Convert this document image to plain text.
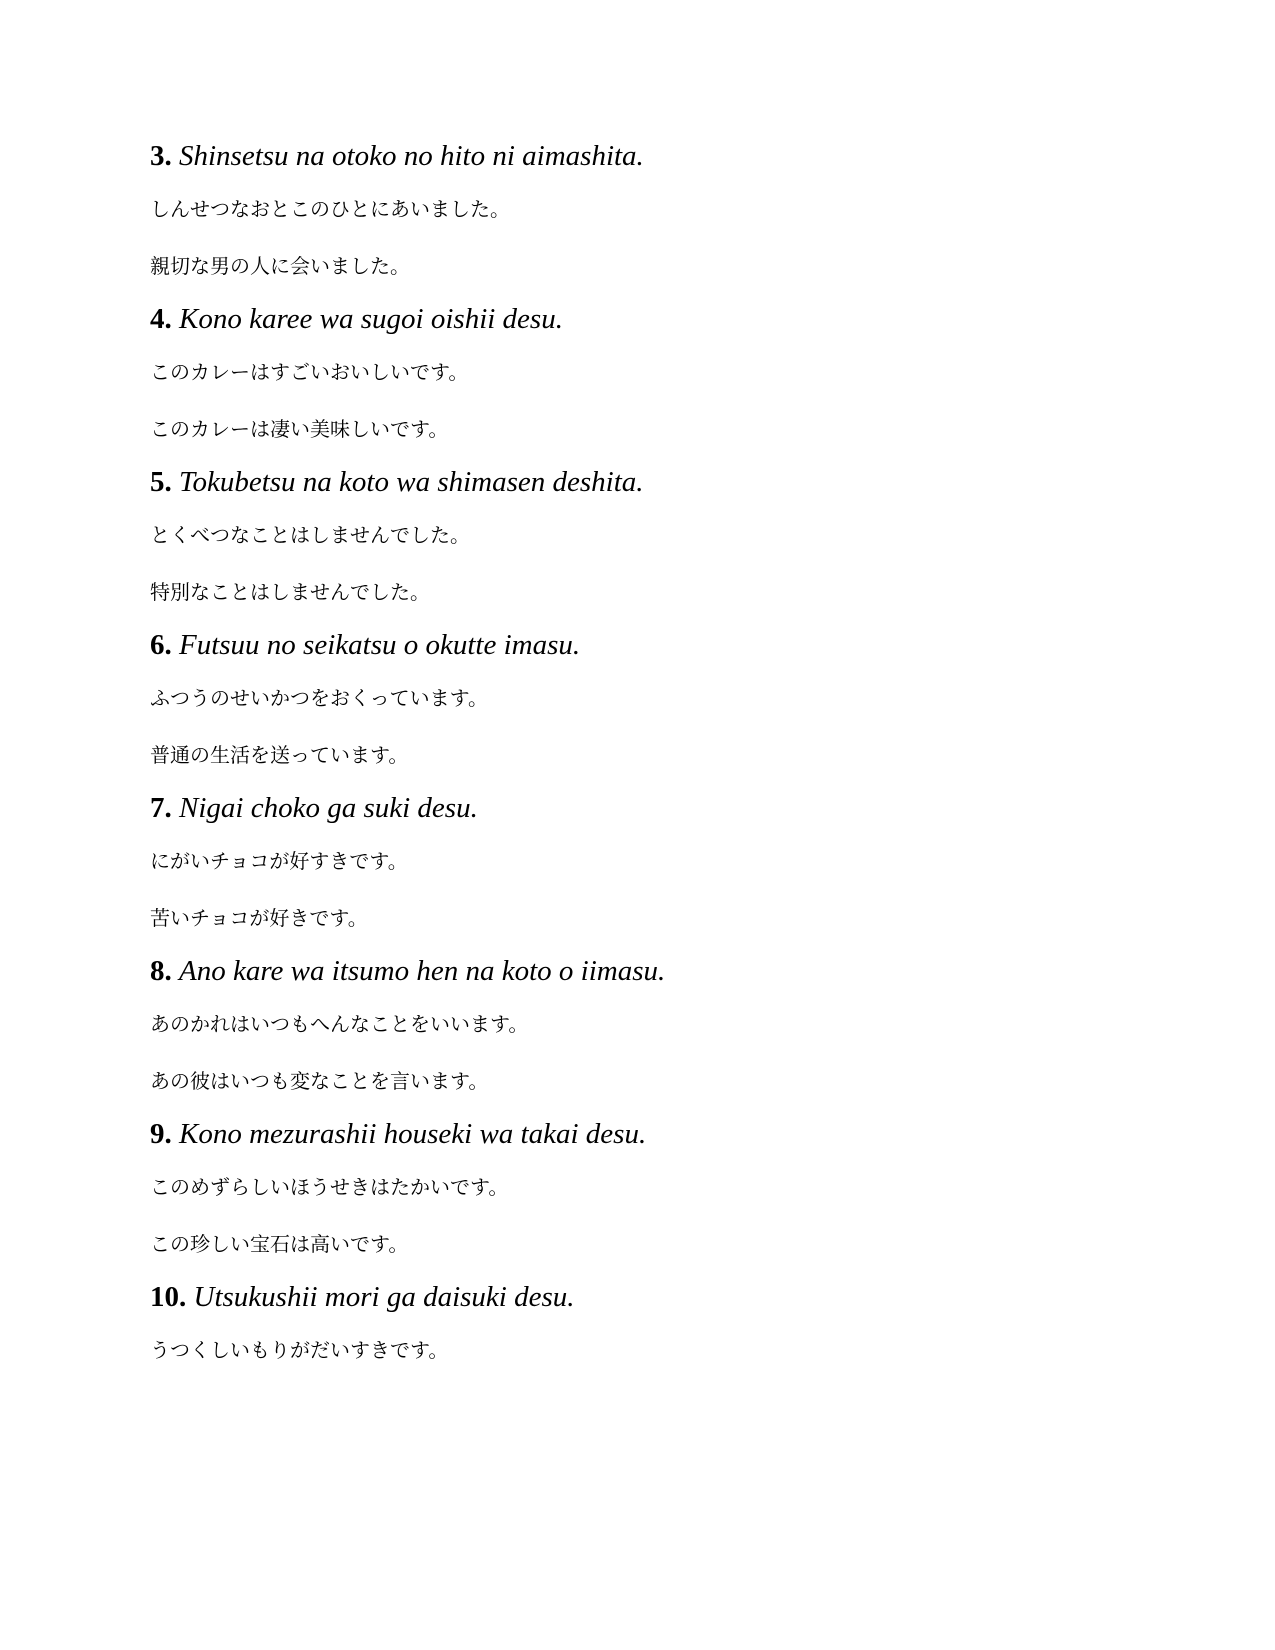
3. Shinsetsu na otoko no hito ni aimashita.
しんせつなおとこのひとにあいました。
親切な男の人に会いました。
4. Kono karee wa sugoi oishii desu.
このカレーはすごいおいしいです。
このカレーは凄い美味しいです。
5. Tokubetsu na koto wa shimasen deshita.
とくべつなことはしませんでした。
特別なことはしませんでした。
6. Futsuu no seikatsu o okutte imasu.
ふつうのせいかつをおくっています。
普通の生活を送っています。
7. Nigai choko ga suki desu.
にがいチョコが好すきです。
苦いチョコが好きです。
8. Ano kare wa itsumo hen na koto o iimasu.
あのかれはいつもへんなことをいいます。
あの彼はいつも変なことを言います。
9. Kono mezurashii houseki wa takai desu.
このめずらしいほうせきはたかいです。
この珍しい宝石は高いです。
10. Utsukushii mori ga daisuki desu.
うつくしいもりがだいすきです。
